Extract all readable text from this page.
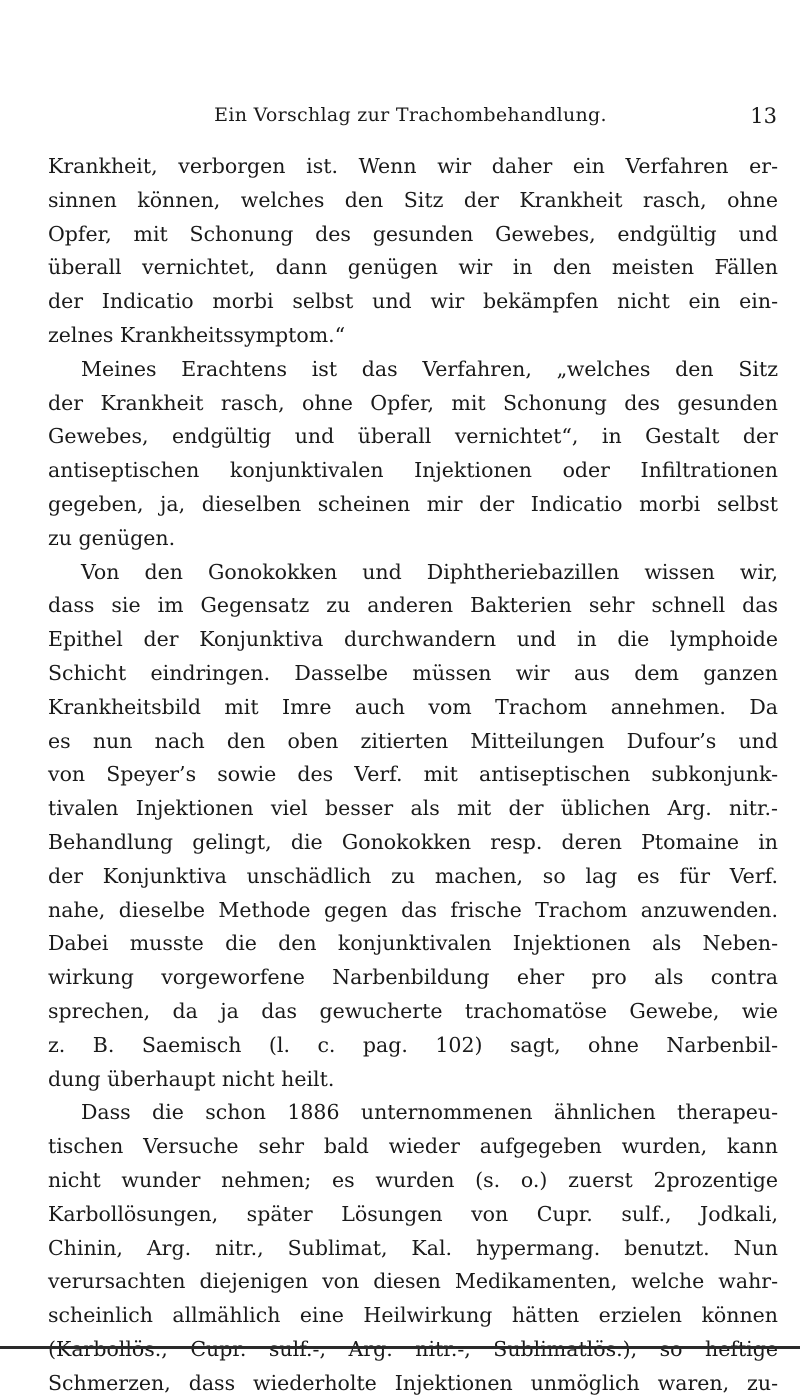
Ein Vorschlag zur Trachombehandlung.	13
Krankheit, verborgen ist. Wenn wir daher ein Verfahren er-
sinnen können, welches den Sitz der Krankheit rasch, ohne
Opfer, mit Schonung des gesunden Gewebes, endgültig und
überall vernichtet, dann genügen wir in den meisten Fällen
der Indicatio morbi selbst und wir bekämpfen nicht ein ein-
zelnes Krankheitssymptom.“
Meines Erachtens ist das Verfahren, „welches den Sitz
der Krankheit rasch, ohne Opfer, mit Schonung des gesunden
Gewebes, endgültig und überall vernichtet“, in Gestalt der
antiseptischen konjunktivalen Injektionen oder Infiltrationen
gegeben, ja, dieselben scheinen mir der Indicatio morbi selbst
zu genügen.
Von den Gonokokken und Diphtheriebazillen wissen wir,
dass sie im Gegensatz zu anderen Bakterien sehr schnell das
Epithel der Konjunktiva durchwandern und in die lymphoide
Schicht eindringen. Dasselbe müssen wir aus dem ganzen
Krankheitsbild mit Imre auch vom Trachom annehmen. Da
es nun nach den oben zitierten Mitteilungen Dufour’s und
von Speyer’s sowie des Verf. mit antiseptischen subkonjunk-
tivalen Injektionen viel besser als mit der üblichen Arg. nitr.-
Behandlung gelingt, die Gonokokken resp. deren Ptomaine in
der Konjunktiva unschädlich zu machen, so lag es für Verf.
nahe, dieselbe Methode gegen das frische Trachom anzuwenden.
Dabei musste die den konjunktivalen Injektionen als Neben-
wirkung vorgeworfene Narbenbildung eher pro als contra
sprechen, da ja das gewucherte trachomatöse Gewebe, wie
z. B. Saemisch (l. c. pag. 102) sagt, ohne Narbenbil-
dung überhaupt nicht heilt.
Dass die schon 1886 unternommenen ähnlichen therapeu-
tischen Versuche sehr bald wieder aufgegeben wurden, kann
nicht wunder nehmen; es wurden (s. o.) zuerst 2prozentige
Karbollösungen, später Lösungen von Cupr. sulf., Jodkali,
Chinin, Arg. nitr., Sublimat, Kal. hypermang. benutzt. Nun
verursachten diejenigen von diesen Medikamenten, welche wahr-
scheinlich allmählich eine Heilwirkung hätten erzielen können
Schmerzen, dass wiederholte Injektionen unmöglich waren, zu-
